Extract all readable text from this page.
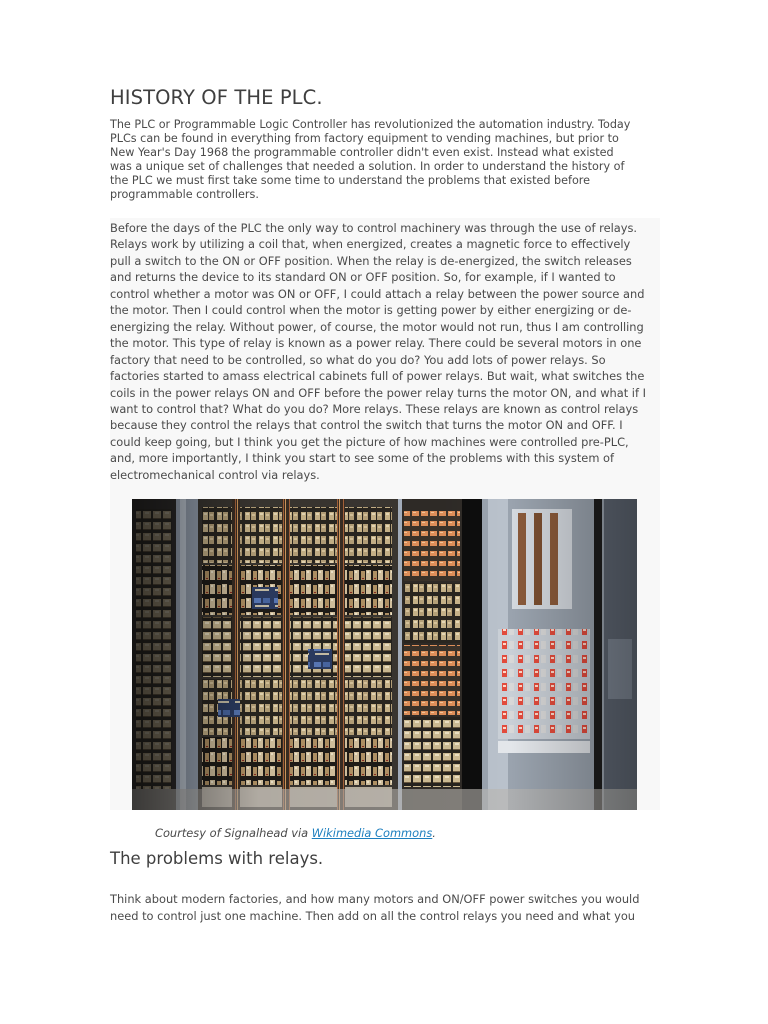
HISTORY OF THE PLC.

The PLC or Programmable Logic Controller has revolutionized the automation industry. Today
PLCs can be found in everything from factory equipment to vending machines, but prior to
New Year's Day 1968 the programmable controller didn't even exist. Instead what existed
was a unique set of challenges that needed a solution. In order to understand the history of
the PLC we must first take some time to understand the problems that existed before
programmable controllers.

Before the days of the PLC the only way to control machinery was through the use of relays.
Relays work by utilizing a coil that, when energized, creates a magnetic force to effectively
pull a switch to the ON or OFF position. When the relay is de-energized, the switch releases
and returns the device to its standard ON or OFF position. So, for example, if I wanted to
control whether a motor was ON or OFF, I could attach a relay between the power source and
the motor. Then I could control when the motor is getting power by either energizing or de-
energizing the relay. Without power, of course, the motor would not run, thus I am controlling
the motor. This type of relay is known as a power relay. There could be several motors in one
factory that need to be controlled, so what do you do? You add lots of power relays. So
factories started to amass electrical cabinets full of power relays. But wait, what switches the
coils in the power relays ON and OFF before the power relay turns the motor ON, and what if I
want to control that? What do you do? More relays. These relays are known as control relays
because they control the relays that control the switch that turns the motor ON and OFF. I
could keep going, but I think you get the picture of how machines were controlled pre-PLC,
and, more importantly, I think you start to see some of the problems with this system of
electromechanical control via relays.

Courtesy of Signalhead via Wikimedia Commons.

The problems with relays.

Think about modern factories, and how many motors and ON/OFF power switches you would
need to control just one machine. Then add on all the control relays you need and what you
